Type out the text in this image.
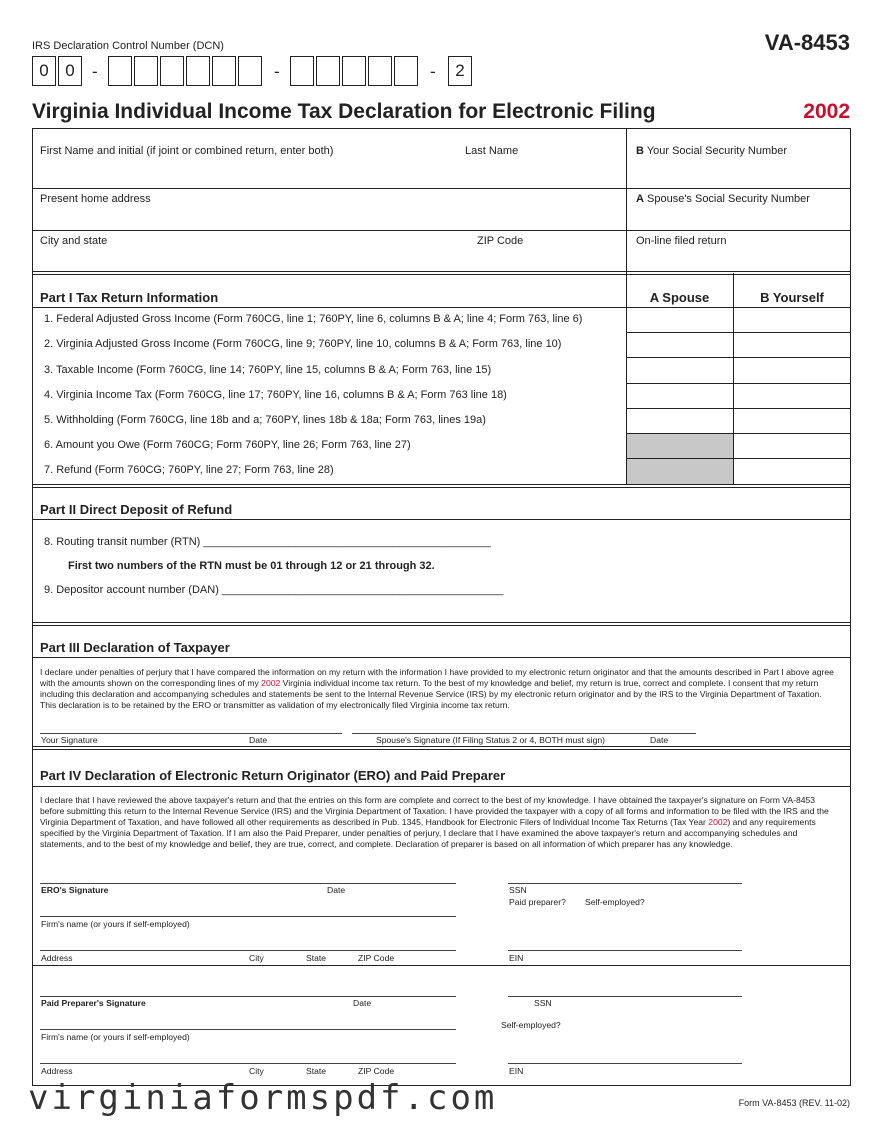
IRS Declaration Control Number (DCN)	VA-8453
0 0	-	-	-	2
Virginia Individual Income Tax Declaration for Electronic Filing	2002
First Name and initial (if joint or combined return, enter both)	Last Name	B Your Social Security Number
Present home address	A Spouse's Social Security Number
City and state	ZIP Code	On-line filed return
Part I Tax Return Information	A Spouse	B Yourself
1. Federal Adjusted Gross Income (Form 760CG, line 1; 760PY, line 6, columns B & A; line 4; Form 763, line 6)
2. Virginia Adjusted Gross Income (Form 760CG, line 9; 760PY, line 10, columns B & A; Form 763, line 10)
3. Taxable Income (Form 760CG, line 14; 760PY, line 15, columns B & A; Form 763, line 15)
4. Virginia Income Tax (Form 760CG, line 17; 760PY, line 16, columns B & A; Form 763 line 18)
5. Withholding (Form 760CG, line 18b and a; 760PY, lines 18b & 18a; Form 763, lines 19a)
6. Amount you Owe (Form 760CG; Form 760PY, line 26; Form 763, line 27)
7. Refund (Form 760CG; 760PY, line 27; Form 763, line 28)
Part II Direct Deposit of Refund
8. Routing transit number (RTN) _______________________________________________
First two numbers of the RTN must be 01 through 12 or 21 through 32.
9. Depositor account number (DAN) ______________________________________________
Part III Declaration of Taxpayer
I declare under penalties of perjury that I have compared the information on my return with the information I have provided to my electronic return originator and that the amounts described in Part I above agree with the amounts shown on the corresponding lines of my 2002 Virginia individual income tax return. To the best of my knowledge and belief, my return is true, correct and complete. I consent that my return including this declaration and accompanying schedules and statements be sent to the Internal Revenue Service (IRS) by my electronic return originator and by the IRS to the Virginia Department of Taxation. This declaration is to be retained by the ERO or transmitter as validation of my electronically filed Virginia income tax return.
Your Signature	Date	Spouse's Signature (If Filing Status 2 or 4, BOTH must sign)	Date
Part IV Declaration of Electronic Return Originator (ERO) and Paid Preparer
I declare that I have reviewed the above taxpayer's return and that the entries on this form are complete and correct to the best of my knowledge. I have obtained the taxpayer's signature on Form VA-8453 before submitting this return to the Internal Revenue Service (IRS) and the Virginia Department of Taxation. I have provided the taxpayer with a copy of all forms and information to be filed with the IRS and the Virginia Department of Taxation, and have followed all other requirements as described in Pub. 1345, Handbook for Electronic Filers of Individual Income Tax Returns (Tax Year 2002) and any requirements specified by the Virginia Department of Taxation. If I am also the Paid Preparer, under penalties of perjury, I declare that I have examined the above taxpayer's return and accompanying schedules and statements, and to the best of my knowledge and belief, they are true, correct, and complete. Declaration of preparer is based on all information of which preparer has any knowledge.
ERO's Signature	Date	SSN
Paid preparer? Self-employed?
Firm's name (or yours if self-employed)
Address	City	State	ZIP Code	EIN
Paid Preparer's Signature	Date	SSN
Self-employed?
Firm's name (or yours if self-employed)
Address	City	State	ZIP Code	EIN
virginiaformspdf.com	Form VA-8453 (REV. 11-02)
